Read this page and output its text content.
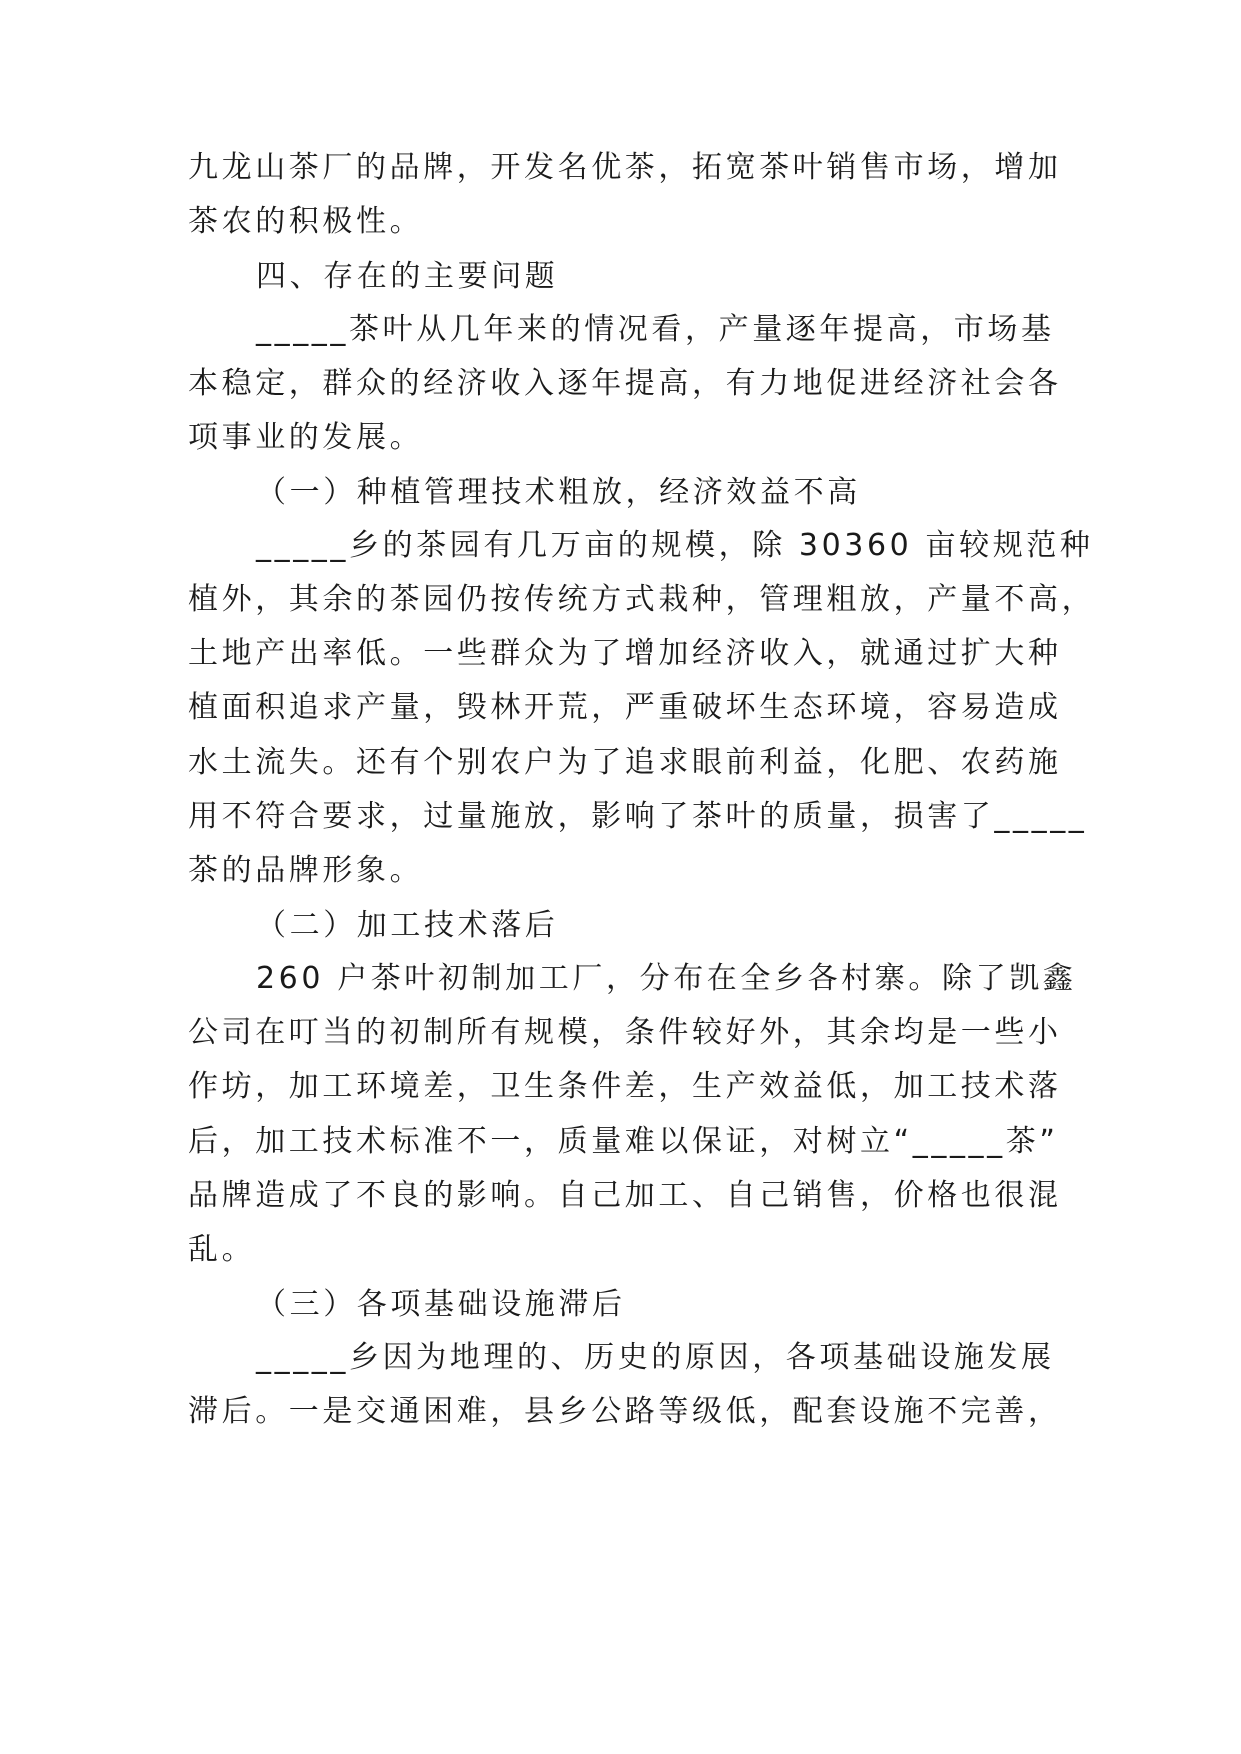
九龙山茶厂的品牌，开发名优茶，拓宽茶叶销售市场，增加
茶农的积极性。
四、存在的主要问题
_____茶叶从几年来的情况看，产量逐年提高，市场基
本稳定，群众的经济收入逐年提高，有力地促进经济社会各
项事业的发展。
（一）种植管理技术粗放，经济效益不高
_____乡的茶园有几万亩的规模，除 30360 亩较规范种
植外，其余的茶园仍按传统方式栽种，管理粗放，产量不高，
土地产出率低。一些群众为了增加经济收入，就通过扩大种
植面积追求产量，毁林开荒，严重破坏生态环境，容易造成
水土流失。还有个别农户为了追求眼前利益，化肥、农药施
用不符合要求，过量施放，影响了茶叶的质量，损害了_____
茶的品牌形象。
（二）加工技术落后
260 户茶叶初制加工厂，分布在全乡各村寨。除了凯鑫
公司在叮当的初制所有规模，条件较好外，其余均是一些小
作坊，加工环境差，卫生条件差，生产效益低，加工技术落
后，加工技术标准不一，质量难以保证，对树立“_____茶”
品牌造成了不良的影响。自己加工、自己销售，价格也很混
乱。
（三）各项基础设施滞后
_____乡因为地理的、历史的原因，各项基础设施发展
滞后。一是交通困难，县乡公路等级低，配套设施不完善，
